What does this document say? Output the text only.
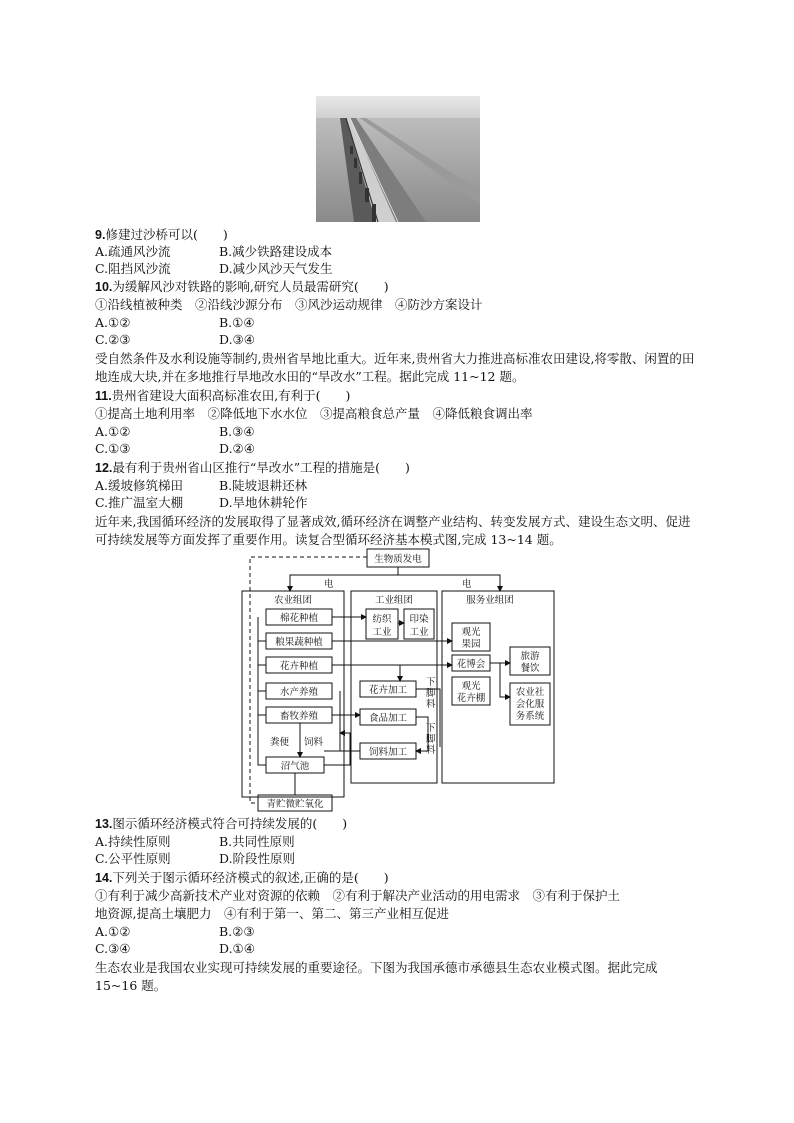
9.修建过沙桥可以(　　)
A.疏通风沙流	B.减少铁路建设成本
C.阻挡风沙流	D.减少风沙天气发生
10.为缓解风沙对铁路的影响,研究人员最需研究(　　)
①沿线植被种类　②沿线沙源分布　③风沙运动规律　④防沙方案设计
A.①②	B.①④
C.②③	D.③④
受自然条件及水利设施等制约,贵州省旱地比重大。近年来,贵州省大力推进高标准农田建设,将零散、闲置的田地连成大块,并在多地推行旱地改水田的“旱改水”工程。据此完成 11~12 题。
11.贵州省建设大面积高标准农田,有利于(　　)
①提高土地利用率　②降低地下水水位　③提高粮食总产量　④降低粮食调出率
A.①②	B.③④
C.①③	D.②④
12.最有利于贵州省山区推行“旱改水”工程的措施是(　　)
A.缓坡修筑梯田	B.陡坡退耕还林
C.推广温室大棚	D.旱地休耕轮作
近年来,我国循环经济的发展取得了显著成效,循环经济在调整产业结构、转变发展方式、建设生态文明、促进可持续发展等方面发挥了重要作用。读复合型循环经济基本模式图,完成 13~14 题。
生物质发电
电	电
农业组团	工业组团	服务业组团
棉花种植
粮果蔬种植
花卉种植
水产养殖
畜牧养殖
沼气池
粪便 饲料
纺织
工业
印染
工业
花卉加工
食品加工
饲料加工
观光
果园
花博会
观光
花卉棚
旅游
餐饮
农业社
会化服
务系统
青贮微贮氧化
下脚料
下脚料
13.图示循环经济模式符合可持续发展的(　　)
A.持续性原则	B.共同性原则
C.公平性原则	D.阶段性原则
14.下列关于图示循环经济模式的叙述,正确的是(　　)
①有利于减少高新技术产业对资源的依赖　②有利于解决产业活动的用电需求　③有利于保护土
地资源,提高土壤肥力　④有利于第一、第二、第三产业相互促进
A.①②	B.②③
C.③④	D.①④
生态农业是我国农业实现可持续发展的重要途径。下图为我国承德市承德县生态农业模式图。据此完成 15~16 题。
